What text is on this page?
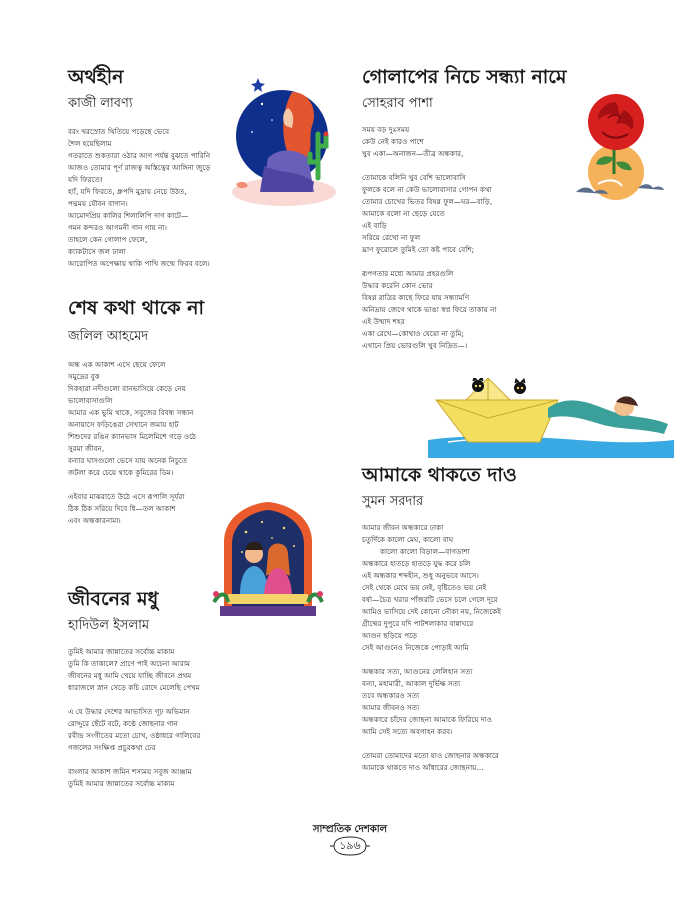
অর্থহীন
কাজী লাবণ্য
বরং খরস্রোত থিতিয়ে পড়েছে ভেবে
শৈল হয়েছিলাম
গতরাতে শুকতারা ওঠার আগ পর্যন্ত বুঝতে পারিনি
আজও তোমার পূর্ণ রাজত্ব অস্তিত্বের আঙ্গিনা জুড়ে
যদি ফিরতে!
হ্যাঁ, যদি ফিরতে, ধ্রুপদি মুদ্রায় নেচে উঠত,
পদ্মময় যৌবন বাগান।
আমোদপ্রিয় কালির শিলালিপি দাগ কাটে—
গমন কন্দরও আগমনী গান গায় না।
তাহলে কেন গোলাপ ফেলে,
ক্যাকটাসে জল ঢালা
আরোপিত অপেক্ষায় থাকি পাখি জন্মে ফিরব বলে।
শেষ কথা থাকে না
জলিল আহমেদ
অন্ধ এক আকাশ এসে ছেয়ে ফেলে
সমুদ্রের বুক
দিকহারা নদীগুলো বানভাসিয়ে কেড়ে নেয়
ভালোবাসাগুলি
আমার এক ভুমি থাকে, সবুজের বিবন্ধ সন্ধান
অনায়াসে ফড়িঙেরা সেখানে জমায় হাট
শিশুদের রঙিন ক্যানভাস মিলেমিশে গড়ে ওঠে
সুরমা জীবন,
বন্যার ঘাসগুলো ভেসে যায় অনেক নিচুতে
জটলা করে চেয়ে থাকে কুমিরের ডিম।
এইবার মাঝরাতে উঠে এসে রূপালি সূর্যরা
ঠিক ঠিক সরিয়ে দিবে ধি—তল আকাশ
এবং অন্ধকারনামা।
জীবনের মধু
হাদিউল ইসলাম
তুমিই আমার জান্নাতের সর্বোচ্চ মাকাম
তুমি কি তাকালে? প্রাণে পাই অচেনা আরাম
জীবনের মধু আমি খেয়ে যাচ্ছি জীবনে প্রথম
ধারাজলে স্নান সেড়ে কচি রোদে মেলেছি পেখম
এ যে উদ্ধার দেশের আভাসিত গূঢ় অভিমান
রোদ্দুরে ছেঁটে বটে, কণ্ঠে জোছনার গান
রবীন্দ্র সংগীতের মতো চোখ, ওষ্ঠাধরে গালিবের
গজলের সংক্ষিপ্ত প্রচুরকথা ঢের
বাংলার আকাশ জমিন শস্যময় সবুজ আঞ্জাম
তুমিই আমার জান্নাতের সর্বোচ্চ মাকাম
গোলাপের নিচে সন্ধ্যা নামে
সোহরাব পাশা
সময় বড় দুঃসময়
কেউ নেই কারও পাশে
খুব একা—অনাজন—তীব্র অন্ধকার,
তোমাকে বলিনি খুব বেশি ভালোবাসি
ফুলকে বলে না কেউ ভালোবাসার গোপন কথা
তোমার চোখের ভিতর বিষণ্ণ ফুল—ঘর—বাড়ি,
আমাকে বলো না ছেড়ে যেতে
এই বাড়ি
সরিয়ে রেখো না ফুল
ঘ্রাণ ফুরোলে তুমিই তো কষ্ট পাবে বেশি;
রূপগতার মধ্যে আমার প্রহরগুলি
উদ্ধার করেনি কোন ভোর
বিষণ্ণ রাত্রির কাছে ফিরে যায় সন্ধ্যামণি
অনিদ্রায় জেগে থাকে ভাঙা স্বপ্ন ফিরে তাকায় না
এই উন্মাদ শহর
একা রেখে—কোথাও যেয়ো না তুমি;
এখানে প্রিয় ভোরগুলি খুব নিদ্রিত—।
আমাকে থাকতে দাও
সুমন সরদার
আমার জীবন অন্ধকারে ঢাকা
চতুর্দিকে কালো মেঘ, কালো বাঘ
কালো কালো বিড়াল—বাগডাশা
অন্ধকারে হাতড়ে হাতড়ে যুদ্ধ করে চলি
এই অন্ধকার শব্দহীন, শুধু অনুভবে আসে।
সেই থেকে মেঘে ভয় নেই, বৃষ্টিতেও ভয় নেই
বর্ষা—চৈত্র খরার পাঁজরটি ভেসে চলে গেলে দূরে
আমিও ভাসিয়ে দেই কোনো নৌকা নয়, নিজেকেই
গ্রীষ্মের দুপুরে যদি পাটশলাকার বান্নাঘরে
আগুন ছড়িয়ে পড়ে
সেই আগুনেও নিজেকে পোড়াই আমি
অন্ধকার সত্য, আগুনের লেলিহান সত্য
বন্যা, মহামারী, আকাল দুর্ভিক্ষ সত্য
তবে অন্ধকারও সত্য
আমার জীবনও সত্য
অন্ধকারে চাঁদের জোছনা আমাকে ফিরিয়ে দাও
আমি সেই সত্যে অবগাহন করব।
তোমরা তোমাদের মতো যাও জোছনার অন্ধকারে
আমাকে থাকতে দাও আঁধারের জোছনায়…
সাম্প্রতিক দেশকাল
১৯৬
